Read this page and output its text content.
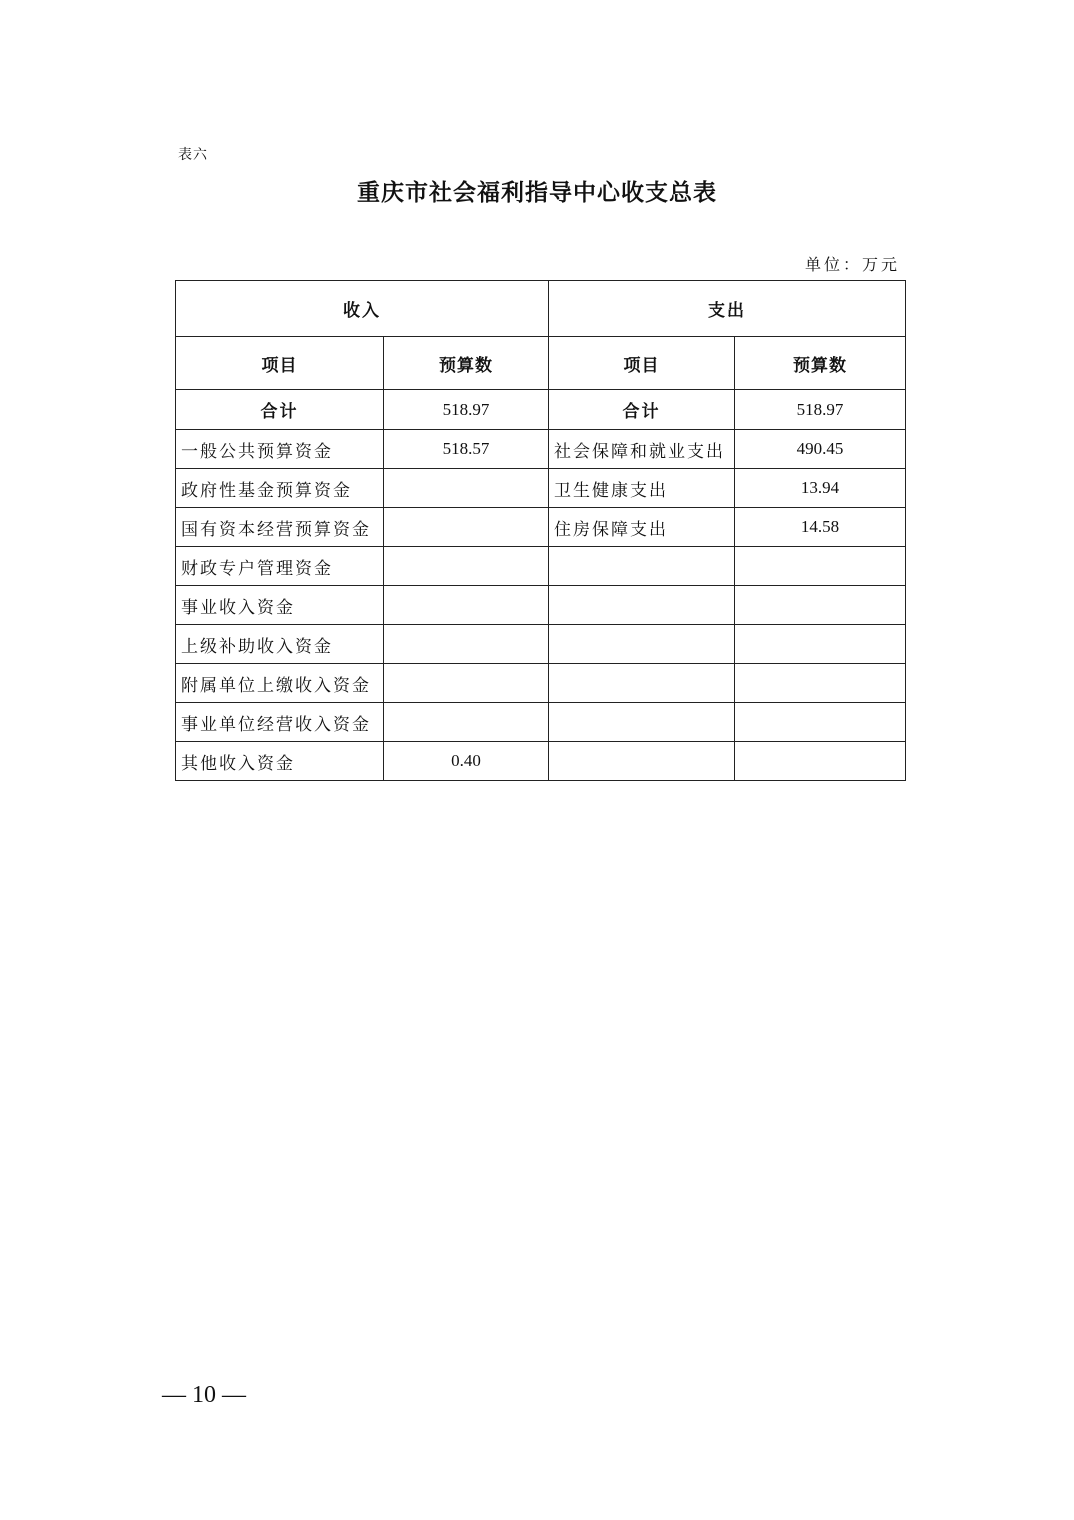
表六
重庆市社会福利指导中心收支总表
单位：万元
收入		支出	
项目	预算数	项目	预算数
合计	518.97	合计	518.97
一般公共预算资金	518.57	社会保障和就业支出	490.45
政府性基金预算资金		卫生健康支出	13.94
国有资本经营预算资金		住房保障支出	14.58
财政专户管理资金			
事业收入资金			
上级补助收入资金			
附属单位上缴收入资金			
事业单位经营收入资金			
其他收入资金	0.40		
— 10 —
